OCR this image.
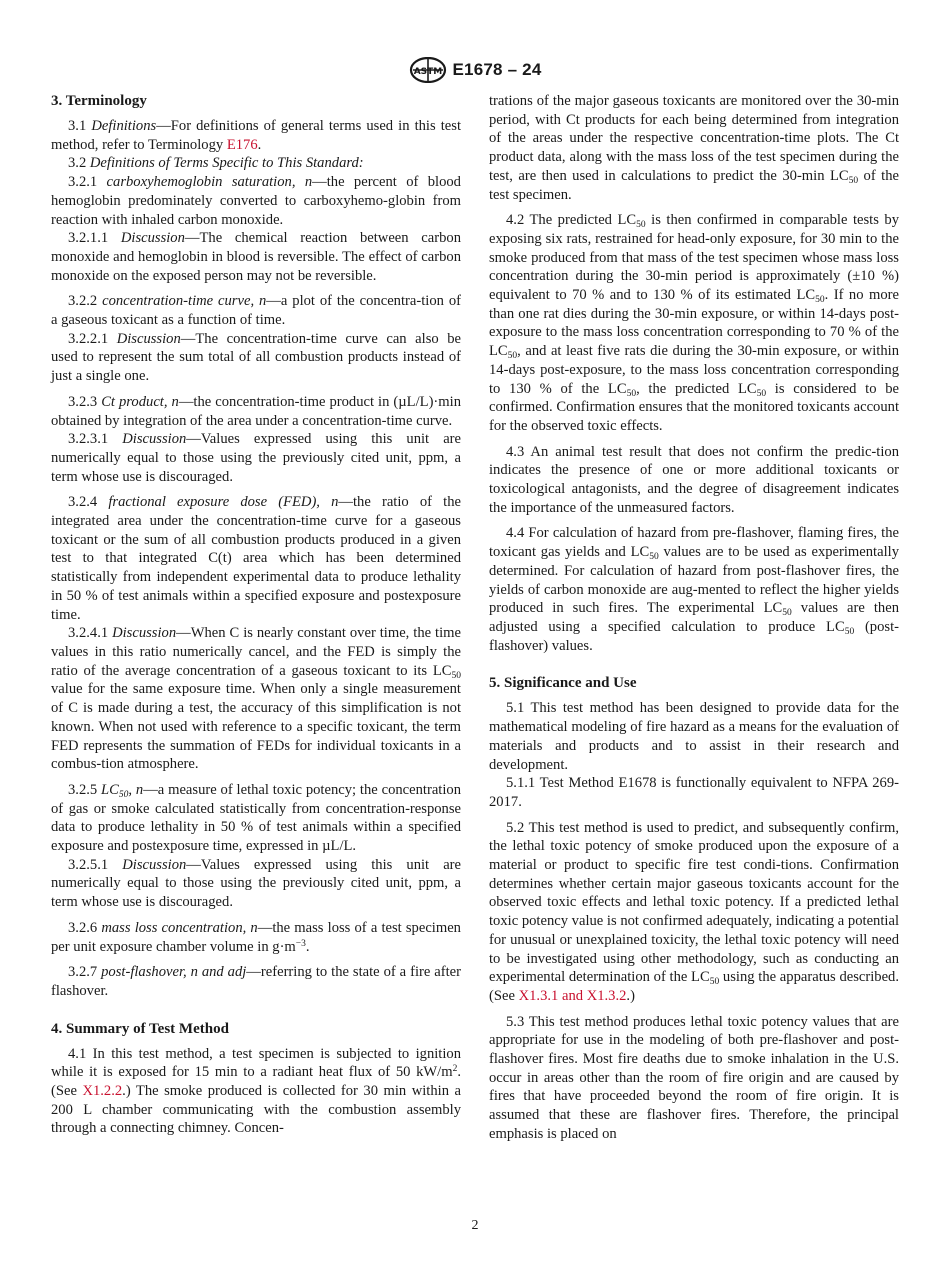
ASTM E1678 – 24
3. Terminology

3.1 Definitions—For definitions of general terms used in this test method, refer to Terminology E176.

3.2 Definitions of Terms Specific to This Standard:

3.2.1 carboxyhemoglobin saturation, n—the percent of blood hemoglobin predominately converted to carboxyhemo-globin from reaction with inhaled carbon monoxide.

3.2.1.1 Discussion—The chemical reaction between carbon monoxide and hemoglobin in blood is reversible. The effect of carbon monoxide on the exposed person may not be reversible.

3.2.2 concentration-time curve, n—a plot of the concentra-tion of a gaseous toxicant as a function of time.

3.2.2.1 Discussion—The concentration-time curve can also be used to represent the sum total of all combustion products instead of just a single one.

3.2.3 Ct product, n—the concentration-time product in (µL/L)·min obtained by integration of the area under a concentration-time curve.

3.2.3.1 Discussion—Values expressed using this unit are numerically equal to those using the previously cited unit, ppm, a term whose use is discouraged.

3.2.4 fractional exposure dose (FED), n—the ratio of the integrated area under the concentration-time curve for a gaseous toxicant or the sum of all combustion products produced in a given test to that integrated C(t) area which has been determined statistically from independent experimental data to produce lethality in 50 % of test animals within a specified exposure and postexposure time.

3.2.4.1 Discussion—When C is nearly constant over time, the time values in this ratio numerically cancel, and the FED is simply the ratio of the average concentration of a gaseous toxicant to its $LC_{50}$ value for the same exposure time. When only a single measurement of C is made during a test, the accuracy of this simplification is not known. When not used with reference to a specific toxicant, the term FED represents the summation of FEDs for individual toxicants in a combus-tion atmosphere.

3.2.5 $LC_{50}$, n—a measure of lethal toxic potency; the concentration of gas or smoke calculated statistically from concentration-response data to produce lethality in 50 % of test animals within a specified exposure and postexposure time, expressed in µL/L.

3.2.5.1 Discussion—Values expressed using this unit are numerically equal to those using the previously cited unit, ppm, a term whose use is discouraged.

3.2.6 mass loss concentration, n—the mass loss of a test specimen per unit exposure chamber volume in $g\cdot m^{-3}$.

3.2.7 post-flashover, n and adj—referring to the state of a fire after flashover.

4. Summary of Test Method

4.1 In this test method, a test specimen is subjected to ignition while it is exposed for 15 min to a radiant heat flux of 50 $kW/m^2$. (See X1.2.2.) The smoke produced is collected for 30 min within a 200 L chamber communicating with the combustion assembly through a connecting chimney. Concen-

trations of the major gaseous toxicants are monitored over the 30-min period, with Ct products for each being determined from integration of the areas under the respective concentration-time plots. The Ct product data, along with the mass loss of the test specimen during the test, are then used in calculations to predict the 30-min $LC_{50}$ of the test specimen.

4.2 The predicted $LC_{50}$ is then confirmed in comparable tests by exposing six rats, restrained for head-only exposure, for 30 min to the smoke produced from that mass of the test specimen whose mass loss concentration during the 30-min period is approximately (±10 %) equivalent to 70 % and to 130 % of its estimated $LC_{50}$. If no more than one rat dies during the 30-min exposure, or within 14-days post-exposure to the mass loss concentration corresponding to 70 % of the $LC_{50}$, and at least five rats die during the 30-min exposure, or within 14-days post-exposure, to the mass loss concentration corresponding to 130 % of the $LC_{50}$, the predicted $LC_{50}$ is considered to be confirmed. Confirmation ensures that the monitored toxicants account for the observed toxic effects.

4.3 An animal test result that does not confirm the predic-tion indicates the presence of one or more additional toxicants or toxicological antagonists, and the degree of disagreement indicates the importance of the unmeasured factors.

4.4 For calculation of hazard from pre-flashover, flaming fires, the toxicant gas yields and $LC_{50}$ values are to be used as experimentally determined. For calculation of hazard from post-flashover fires, the yields of carbon monoxide are aug-mented to reflect the higher yields produced in such fires. The experimental $LC_{50}$ values are then adjusted using a specified calculation to produce $LC_{50}$ (post-flashover) values.

5. Significance and Use

5.1 This test method has been designed to provide data for the mathematical modeling of fire hazard as a means for the evaluation of materials and products and to assist in their research and development.

5.1.1 Test Method E1678 is functionally equivalent to NFPA 269-2017.

5.2 This test method is used to predict, and subsequently confirm, the lethal toxic potency of smoke produced upon the exposure of a material or product to specific fire test condi-tions. Confirmation determines whether certain major gaseous toxicants account for the observed toxic effects and lethal toxic potency. If a predicted lethal toxic potency value is not confirmed adequately, indicating a potential for unusual or unexplained toxicity, the lethal toxic potency will need to be investigated using other methodology, such as conducting an experimental determination of the $LC_{50}$ using the apparatus described. (See X1.3.1 and X1.3.2.)

5.3 This test method produces lethal toxic potency values that are appropriate for use in the modeling of both pre-flashover and post-flashover fires. Most fire deaths due to smoke inhalation in the U.S. occur in areas other than the room of fire origin and are caused by fires that have proceeded beyond the room of fire origin. It is assumed that these are flashover fires. Therefore, the principal emphasis is placed on

2
